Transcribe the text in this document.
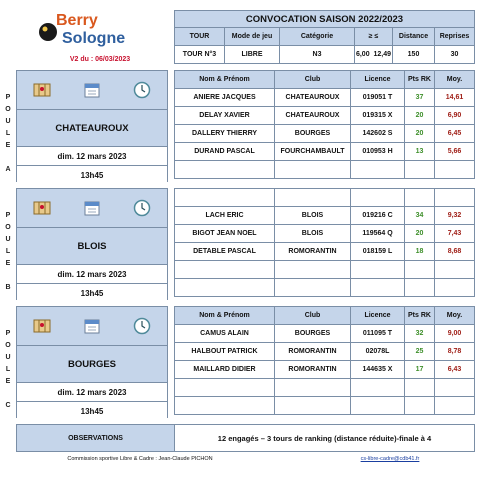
Berry
Sologne
V2 du : 06/03/2023
CONVOCATION SAISON 2022/2023					
TOUR	Mode de jeu	Catégorie	≥ ≤	Distance	Reprises
TOUR N°3	LIBRE	N3	6,00 12,49	150	30
P
O
U
L
E

A
CHATEAUROUX
dim. 12 mars 2023
13h45
Nom & Prénom	Club	Licence	Pts RK	Moy.
ANIERE JACQUES	CHATEAUROUX	019051 T	37	14,61
DELAY XAVIER	CHATEAUROUX	019315 X	20	6,90
DALLERY THIERRY	BOURGES	142602 S	20	6,45
DURAND PASCAL	FOURCHAMBAULT	010953 H	13	5,66

P
O
U
L
E

B
BLOIS
dim. 12 mars 2023
13h45

LACH ERIC	BLOIS	019216 C	34	9,32
BIGOT JEAN NOEL	BLOIS	119564 Q	20	7,43
DETABLE PASCAL	ROMORANTIN	018159 L	18	8,68

P
O
U
L
E

C
BOURGES
dim. 12 mars 2023
13h45
Nom & Prénom	Club	Licence	Pts RK	Moy.
CAMUS ALAIN	BOURGES	011095 T	32	9,00
HALBOUT PATRICK	ROMORANTIN	02078L	25	8,78
MAILLARD DIDIER	ROMORANTIN	144635 X	17	6,43

OBSERVATIONS	12 engagés – 3 tours de ranking (distance réduite)-finale à 4
Commission sportive Libre & Cadre : Jean-Claude PICHON	cs-libre-cadre@cdb41.fr
